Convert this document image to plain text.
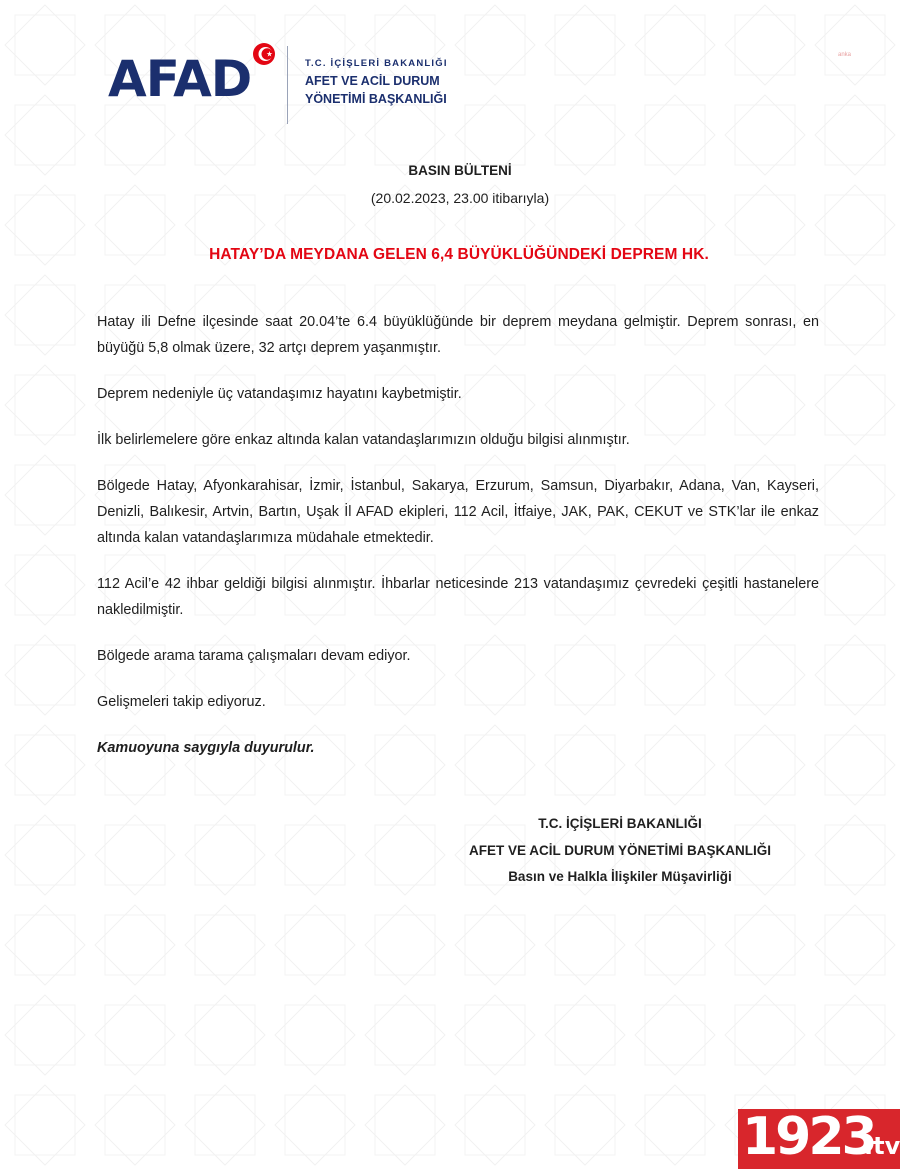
AFAD	T.C. İÇİŞLERİ BAKANLIĞI
AFET VE ACİL DURUM
YÖNETİMİ BAŞKANLIĞI
anka
BASIN BÜLTENİ
(20.02.2023, 23.00 itibarıyla)
HATAY’DA MEYDANA GELEN 6,4 BÜYÜKLÜĞÜNDEKİ DEPREM HK.

Hatay ili Defne ilçesinde saat 20.04’te 6.4 büyüklüğünde bir deprem meydana gelmiştir. Deprem sonrası, en büyüğü 5,8 olmak üzere, 32 artçı deprem yaşanmıştır.

Deprem nedeniyle üç vatandaşımız hayatını kaybetmiştir.

İlk belirlemelere göre enkaz altında kalan vatandaşlarımızın olduğu bilgisi alınmıştır.

Bölgede Hatay, Afyonkarahisar, İzmir, İstanbul, Sakarya, Erzurum, Samsun, Diyarbakır, Adana, Van, Kayseri, Denizli, Balıkesir, Artvin, Bartın, Uşak İl AFAD ekipleri, 112 Acil, İtfaiye, JAK, PAK, CEKUT ve STK’lar ile enkaz altında kalan vatandaşlarımıza müdahale etmektedir.

112 Acil’e 42 ihbar geldiği bilgisi alınmıştır. İhbarlar neticesinde 213 vatandaşımız çevredeki çeşitli hastanelere nakledilmiştir.

Bölgede arama tarama çalışmaları devam ediyor.

Gelişmeleri takip ediyoruz.

Kamuoyuna saygıyla duyurulur.

T.C. İÇİŞLERİ BAKANLIĞI
AFET VE ACİL DURUM YÖNETİMİ BAŞKANLIĞI
Basın ve Halkla İlişkiler Müşavirliği
1923
.tv
